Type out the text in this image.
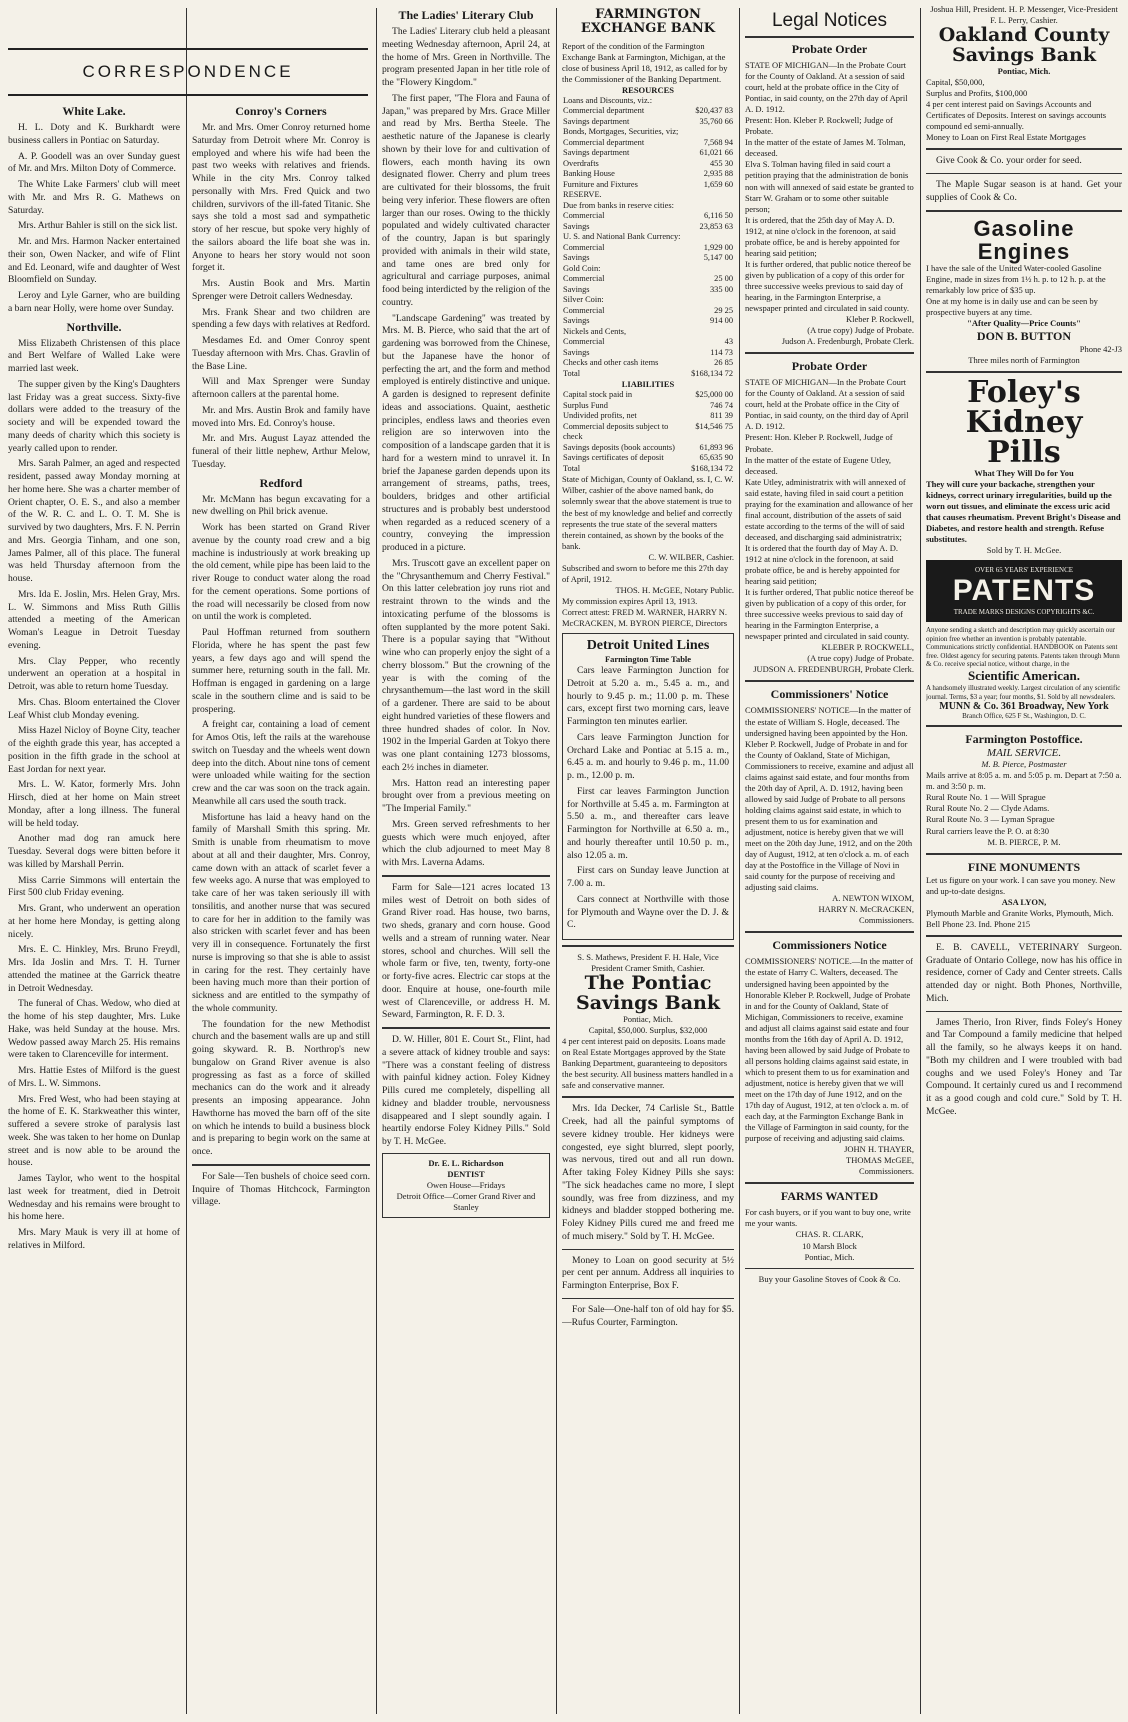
CORRESPONDENCE
White Lake.

H. L. Doty and K. Burkhardt were business callers in Pontiac on Saturday.

A. P. Goodell was an over Sunday guest of Mr. and Mrs. Milton Doty of Commerce.

The White Lake Farmers' club will meet with Mr. and Mrs R. G. Mathews on Saturday.

Mrs. Arthur Bahler is still on the sick list.

Mr. and Mrs. Harmon Nacker entertained their son, Owen Nacker, and wife of Flint and Ed. Leonard, wife and daughter of West Bloomfield on Sunday.

Leroy and Lyle Garner, who are building a barn near Holly, were home over Sunday.

Northville.

Miss Elizabeth Christensen of this place and Bert Welfare of Walled Lake were married last week.

The supper given by the King's Daughters last Friday was a great success. Sixty-five dollars were added to the treasury of the society and will be expended toward the many deeds of charity which this society is yearly called upon to render.

Mrs. Sarah Palmer, an aged and respected resident, passed away Monday morning at her home here. She was a charter member of Orient chapter, O. E. S., and also a member of the W. R. C. and L. O. T. M. She is survived by two daughters, Mrs. F. N. Perrin and Mrs. Georgia Tinham, and one son, James Palmer, all of this place. The funeral was held Thursday afternoon from the house.

Mrs. Ida E. Joslin, Mrs. Helen Gray, Mrs. L. W. Simmons and Miss Ruth Gillis attended a meeting of the American Woman's League in Detroit Tuesday evening.

Mrs. Clay Pepper, who recently underwent an operation at a hospital in Detroit, was able to return home Tuesday.

Mrs. Chas. Bloom entertained the Clover Leaf Whist club Monday evening.

Miss Hazel Nicloy of Boyne City, teacher of the eighth grade this year, has accepted a position in the fifth grade in the school at East Jordan for next year.

Mrs. L. W. Kator, formerly Mrs. John Hirsch, died at her home on Main street Monday, after a long illness. The funeral will be held today.

Another mad dog ran amuck here Tuesday. Several dogs were bitten before it was killed by Marshall Perrin.

Miss Carrie Simmons will entertain the First 500 club Friday evening.

Mrs. Grant, who underwent an operation at her home here Monday, is getting along nicely.

Mrs. E. C. Hinkley, Mrs. Bruno Freydl, Mrs. Ida Joslin and Mrs. T. H. Turner attended the matinee at the Garrick theatre in Detroit Wednesday.

The funeral of Chas. Wedow, who died at the home of his step daughter, Mrs. Luke Hake, was held Sunday at the house. Mrs. Wedow passed away March 25. His remains were taken to Clarenceville for interment.

Mrs. Hattie Estes of Milford is the guest of Mrs. L. W. Simmons.

Mrs. Fred West, who had been staying at the home of E. K. Starkweather this winter, suffered a severe stroke of paralysis last week. She was taken to her home on Dunlap street and is now able to be around the house.

James Taylor, who went to the hospital last week for treatment, died in Detroit Wednesday and his remains were brought to his home here.

Mrs. Mary Mauk is very ill at home of relatives in Milford.

Conroy's Corners

Mr. and Mrs. Omer Conroy returned home Saturday from Detroit where Mr. Conroy is employed and where his wife had been the past two weeks with relatives and friends. While in the city Mrs. Conroy talked personally with Mrs. Fred Quick and two children, survivors of the ill-fated Titanic. She says she told a most sad and sympathetic story of her rescue, but spoke very highly of the sailors aboard the life boat she was in. Anyone to hears her story would not soon forget it.

Mrs. Austin Book and Mrs. Martin Sprenger were Detroit callers Wednesday.

Mrs. Frank Shear and two children are spending a few days with relatives at Redford.

Mesdames Ed. and Omer Conroy spent Tuesday afternoon with Mrs. Chas. Gravlin of the Base Line.

Will and Max Sprenger were Sunday afternoon callers at the parental home.

Mr. and Mrs. Austin Brok and family have moved into Mrs. Ed. Conroy's house.

Mr. and Mrs. August Layaz attended the funeral of their little nephew, Arthur Melow, Tuesday.

Redford

Mr. McMann has begun excavating for a new dwelling on Phil brick avenue.

Work has been started on Grand River avenue by the county road crew and a big machine is industriously at work breaking up the old cement, while pipe has been laid to the river Rouge to conduct water along the road for the cement operations. Some portions of the road will necessarily be closed from now on until the work is completed.

Paul Hoffman returned from southern Florida, where he has spent the past few years, a few days ago and will spend the summer here, returning south in the fall. Mr. Hoffman is engaged in gardening on a large scale in the southern clime and is said to be prospering.

A freight car, containing a load of cement for Amos Otis, left the rails at the warehouse switch on Tuesday and the wheels went down deep into the ditch. About nine tons of cement were unloaded while waiting for the section crew and the car was soon on the track again. Meanwhile all cars used the south track.

Misfortune has laid a heavy hand on the family of Marshall Smith this spring. Mr. Smith is unable from rheumatism to move about at all and their daughter, Mrs. Conroy, came down with an attack of scarlet fever a few weeks ago. A nurse that was employed to take care of her was taken seriously ill with tonsilitis, and another nurse that was secured to care for her in addition to the family was also stricken with scarlet fever and has been very ill in consequence. Fortunately the first nurse is improving so that she is able to assist in caring for the rest. They certainly have been having much more than their portion of sickness and are entitled to the sympathy of the whole community.

The foundation for the new Methodist church and the basement walls are up and still going skyward. R. B. Northrop's new bungalow on Grand River avenue is also progressing as fast as a force of skilled mechanics can do the work and it already presents an imposing appearance. John Hawthorne has moved the barn off of the site on which he intends to build a business block and is preparing to begin work on the same at once.

For Sale—Ten bushels of choice seed corn. Inquire of Thomas Hitchcock, Farmington village.

The Ladies' Literary Club

The Ladies' Literary club held a pleasant meeting Wednesday afternoon, April 24, at the home of Mrs. Green in Northville. The program presented Japan in her title role of the "Flowery Kingdom."

The first paper, "The Flora and Fauna of Japan," was prepared by Mrs. Grace Miller and read by Mrs. Bertha Steele. The aesthetic nature of the Japanese is clearly shown by their love for and cultivation of flowers, each month having its own designated flower. Cherry and plum trees are cultivated for their blossoms, the fruit being very inferior. These flowers are often larger than our roses. Owing to the thickly populated and widely cultivated character of the country, Japan is but sparingly provided with animals in their wild state, and tame ones are bred only for agricultural and carriage purposes, animal food being interdicted by the religion of the country.

"Landscape Gardening" was treated by Mrs. M. B. Pierce, who said that the art of gardening was borrowed from the Chinese, but the Japanese have the honor of perfecting the art, and the form and method employed is entirely distinctive and unique. A garden is designed to represent definite ideas and associations. Quaint, aesthetic principles, endless laws and theories even religion are so interwoven into the composition of a landscape garden that it is hard for a western mind to unravel it. In brief the Japanese garden depends upon its arrangement of streams, paths, trees, boulders, bridges and other artificial structures and is probably best understood when regarded as a reduced scenery of a country, conveying the impression produced in a picture.

Mrs. Truscott gave an excellent paper on the "Chrysanthemum and Cherry Festival." On this latter celebration joy runs riot and restraint thrown to the winds and the intoxicating perfume of the blossoms is often supplanted by the more potent Saki. There is a popular saying that "Without wine who can properly enjoy the sight of a cherry blossom." But the crowning of the year is with the coming of the chrysanthemum—the last word in the skill of a gardener. There are said to be about eight hundred varieties of these flowers and three hundred shades of color. In Nov. 1902 in the Imperial Garden at Tokyo there was one plant containing 1273 blossoms, each 2½ inches in diameter.

Mrs. Hatton read an interesting paper brought over from a previous meeting on "The Imperial Family."

Mrs. Green served refreshments to her guests which were much enjoyed, after which the club adjourned to meet May 8 with Mrs. Laverna Adams.

Farm for Sale—121 acres located 13 miles west of Detroit on both sides of Grand River road. Has house, two barns, two sheds, granary and corn house. Good wells and a stream of running water. Near stores, school and churches. Will sell the whole farm or five, ten, twenty, forty-one or forty-five acres. Electric car stops at the door. Enquire at house, one-fourth mile west of Clarenceville, or address H. M. Seward, Farmington, R. F. D. 3.

D. W. Hiller, 801 E. Court St., Flint, had a severe attack of kidney trouble and says: "There was a constant feeling of distress with painful kidney action. Foley Kidney Pills cured me completely, dispelling all kidney and bladder trouble, nervousness disappeared and I slept soundly again. I heartily endorse Foley Kidney Pills." Sold by T. H. McGee.

Dr. E. L. Richardson
DENTIST
Owen House—Fridays
Detroit Office—Corner Grand River and Stanley
FARMINGTON EXCHANGE BANK
Report of the condition of the Farmington Exchange Bank at Farmington, Michigan, at the close of business April 18, 1912, as called for by the Commissioner of the Banking Department.
RESOURCES
Loans and Discounts, viz.:	
Commercial department	$20,437 83
Savings department	35,760 66
Bonds, Mortgages, Securities, viz;	
Commercial department	7,568 94
Savings department	61,021 66
Overdrafts	455 30
Banking House	2,935 88
Furniture and Fixtures	1,659 60
RESERVE.	
Due from banks in reserve cities:	
Commercial	6,116 50
Savings	23,853 63
U. S. and National Bank Currency:	
Commercial	1,929 00
Savings	5,147 00
Gold Coin:	
Commercial	25 00
Savings	335 00
Silver Coin:	
Commercial	29 25
Savings	914 00
Nickels and Cents,	
Commercial	43
Savings	114 73
Checks and other cash items	26 85
Total	$168,134 72
LIABILITIES
Capital stock paid in	$25,000 00
Surplus Fund	746 74
Undivided profits, net	811 39
Commercial deposits subject to check	$14,546 75
Savings deposits (book accounts)	61,893 96
Savings certificates of deposit	65,635 90
Total	$168,134 72
State of Michigan, County of Oakland, ss. I, C. W. Wilber, cashier of the above named bank, do solemnly swear that the above statement is true to the best of my knowledge and belief and correctly represents the true state of the several matters therein contained, as shown by the books of the bank.
C. W. WILBER, Cashier.
Subscribed and sworn to before me this 27th day of April, 1912.
THOS. H. McGEE, Notary Public.
My commission expires April 13, 1913.
Correct attest: FRED M. WARNER, HARRY N. McCRACKEN, M. BYRON PIERCE, Directors
Detroit United Lines
Farmington Time Table

Cars leave Farmington Junction for Detroit at 5.20 a. m., 5.45 a. m., and hourly to 9.45 p. m.; 11.00 p. m. These cars, except first two morning cars, leave Farmington ten minutes earlier.

Cars leave Farmington Junction for Orchard Lake and Pontiac at 5.15 a. m., 6.45 a. m. and hourly to 9.46 p. m., 11.00 p. m., 12.00 p. m.

First car leaves Farmington Junction for Northville at 5.45 a. m. Farmington at 5.50 a. m., and thereafter cars leave Farmington for Northville at 6.50 a. m., and hourly thereafter until 10.50 p. m., also 12.05 a. m.

First cars on Sunday leave Junction at 7.00 a. m.

Cars connect at Northville with those for Plymouth and Wayne over the D. J. & C.

S. S. Mathews, President F. H. Hale, Vice President Cramer Smith, Cashier.
The Pontiac Savings Bank
Pontiac, Mich.
Capital, $50,000. Surplus, $32,000
4 per cent interest paid on deposits. Loans made on Real Estate Mortgages approved by the State Banking Department, guaranteeing to depositors the best security. All business matters handled in a safe and conservative manner.

Mrs. Ida Decker, 74 Carlisle St., Battle Creek, had all the painful symptoms of severe kidney trouble. Her kidneys were congested, eye sight blurred, slept poorly, was nervous, tired out and all run down. After taking Foley Kidney Pills she says: "The sick headaches came no more, I slept soundly, was free from dizziness, and my kidneys and bladder stopped bothering me. Foley Kidney Pills cured me and freed me of much misery." Sold by T. H. McGee.

Money to Loan on good security at 5½ per cent per annum. Address all inquiries to Farmington Enterprise, Box F.

For Sale—One-half ton of old hay for $5.—Rufus Courter, Farmington.

Legal Notices
Probate Order
STATE OF MICHIGAN—In the Probate Court for the County of Oakland. At a session of said court, held at the probate office in the City of Pontiac, in said county, on the 27th day of April A. D. 1912.
Present: Hon. Kleber P. Rockwell; Judge of Probate.
In the matter of the estate of James M. Tolman, deceased.
Elva S. Tolman having filed in said court a petition praying that the administration de bonis non with will annexed of said estate be granted to Starr W. Graham or to some other suitable person;
It is ordered, that the 25th day of May A. D. 1912, at nine o'clock in the forenoon, at said probate office, be and is hereby appointed for hearing said petition;
It is further ordered, that public notice thereof be given by publication of a copy of this order for three successive weeks previous to said day of hearing, in the Farmington Enterprise, a newspaper printed and circulated in said county.
Kleber P. Rockwell,
(A true copy) Judge of Probate.
Judson A. Fredenburgh, Probate Clerk.
Probate Order
STATE OF MICHIGAN—In the Probate Court for the County of Oakland. At a session of said court, held at the Probate office in the City of Pontiac, in said county, on the third day of April A. D. 1912.
Present: Hon. Kleber P. Rockwell, Judge of Probate.
In the matter of the estate of Eugene Utley, deceased.
Kate Utley, administratrix with will annexed of said estate, having filed in said court a petition praying for the examination and allowance of her final account, distribution of the assets of said estate according to the terms of the will of said deceased, and discharging said administratrix;
It is ordered that the fourth day of May A. D. 1912 at nine o'clock in the forenoon, at said probate office, be and is hereby appointed for hearing said petition;
It is further ordered, That public notice thereof be given by publication of a copy of this order, for three successive weeks previous to said day of hearing in the Farmington Enterprise, a newspaper printed and circulated in said county.
KLEBER P. ROCKWELL,
(A true copy) Judge of Probate.
JUDSON A. FREDENBURGH, Probate Clerk.
Commissioners' Notice
COMMISSIONERS' NOTICE—In the matter of the estate of William S. Hogle, deceased. The undersigned having been appointed by the Hon. Kleber P. Rockwell, Judge of Probate in and for the County of Oakland, State of Michigan, Commissioners to receive, examine and adjust all claims against said estate, and four months from the 20th day of April, A. D. 1912, having been allowed by said Judge of Probate to all persons holding claims against said estate, in which to present them to us for examination and adjustment, notice is hereby given that we will meet on the 20th day June, 1912, and on the 20th day of August, 1912, at ten o'clock a. m. of each day at the Postoffice in the Village of Novi in said county for the purpose of receiving and adjusting said claims.
A. NEWTON WIXOM,
HARRY N. McCRACKEN,
Commissioners.
Commissioners Notice
COMMISSIONERS' NOTICE.—In the matter of the estate of Harry C. Walters, deceased. The undersigned having been appointed by the Honorable Kleber P. Rockwell, Judge of Probate in and for the County of Oakland, State of Michigan, Commissioners to receive, examine and adjust all claims against said estate and four months from the 16th day of April A. D. 1912, having been allowed by said Judge of Probate to all persons holding claims against said estate, in which to present them to us for examination and adjustment, notice is hereby given that we will meet on the 17th day of June 1912, and on the 17th day of August, 1912, at ten o'clock a. m. of each day, at the Farmington Exchange Bank in the Village of Farmington in said county, for the purpose of receiving and adjusting said claims.
JOHN H. THAYER,
THOMAS McGEE,
Commissioners.
FARMS WANTED
For cash buyers, or if you want to buy one, write me your wants.
CHAS. R. CLARK,
10 Marsh Block
Pontiac, Mich.
Buy your Gasoline Stoves of Cook & Co.
Joshua Hill, President. H. P. Messenger, Vice-President
F. L. Perry, Cashier.
Oakland County Savings Bank
Pontiac, Mich.
Capital, $50,000,
Surplus and Profits, $100,000
4 per cent interest paid on Savings Accounts and Certificates of Deposits. Interest on savings accounts compound ed semi-annually.
Money to Loan on First Real Estate Mortgages

Give Cook & Co. your order for seed.

The Maple Sugar season is at hand. Get your supplies of Cook & Co.

Gasoline Engines
I have the sale of the United Water-cooled Gasoline Engine, made in sizes from 1½ h. p. to 12 h. p. at the remarkably low price of $35 up.
One at my home is in daily use and can be seen by prospective buyers at any time.
"After Quality—Price Counts"
DON B. BUTTON
Phone 42-J3
Three miles north of Farmington
Foley's Kidney Pills
What They Will Do for You
They will cure your backache, strengthen your kidneys, correct urinary irregularities, build up the worn out tissues, and eliminate the excess uric acid that causes rheumatism. Prevent Bright's Disease and Diabetes, and restore health and strength. Refuse substitutes.
Sold by T. H. McGee.
OVER 65 YEARS' EXPERIENCE
PATENTS
TRADE MARKS DESIGNS COPYRIGHTS &C.
Anyone sending a sketch and description may quickly ascertain our opinion free whether an invention is probably patentable. Communications strictly confidential. HANDBOOK on Patents sent free. Oldest agency for securing patents. Patents taken through Munn & Co. receive special notice, without charge, in the
Scientific American.
A handsomely illustrated weekly. Largest circulation of any scientific journal. Terms, $3 a year; four months, $1. Sold by all newsdealers.
MUNN & Co. 361 Broadway, New York
Branch Office, 625 F St., Washington, D. C.
Farmington Postoffice.
MAIL SERVICE.
M. B. Pierce, Postmaster
Mails arrive at 8:05 a. m. and 5:05 p. m. Depart at 7:50 a. m. and 3:50 p. m.
Rural Route No. 1 — Will Sprague
Rural Route No. 2 — Clyde Adams.
Rural Route No. 3 — Lyman Sprague
Rural carriers leave the P. O. at 8:30
M. B. PIERCE, P. M.
FINE MONUMENTS
Let us figure on your work. I can save you money. New and up-to-date designs.
ASA LYON,
Plymouth Marble and Granite Works, Plymouth, Mich.
Bell Phone 23. Ind. Phone 215

E. B. CAVELL, VETERINARY Surgeon. Graduate of Ontario College, now has his office in residence, corner of Cady and Center streets. Calls attended day or night. Both Phones, Northville, Mich.

James Therio, Iron River, finds Foley's Honey and Tar Compound a family medicine that helped all the family, so he always keeps it on hand. "Both my children and I were troubled with bad coughs and we used Foley's Honey and Tar Compound. It certainly cured us and I recommend it as a good cough and cold cure." Sold by T. H. McGee.
